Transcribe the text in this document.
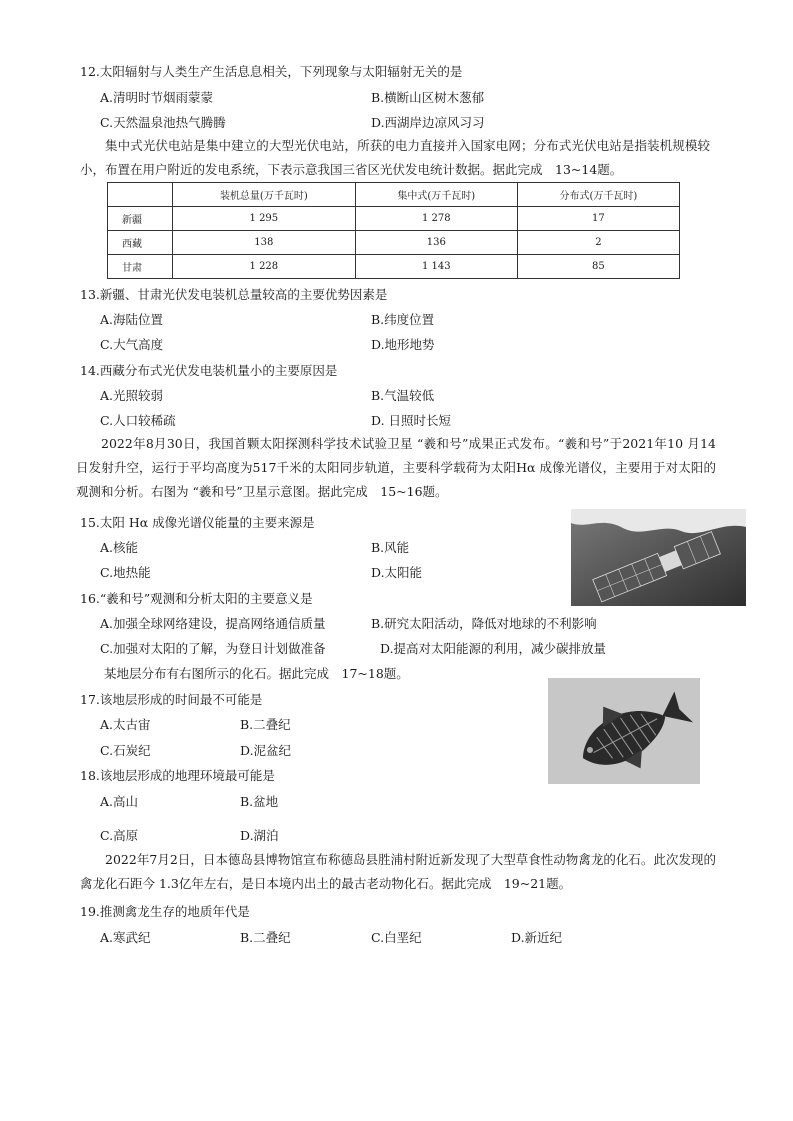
12.太阳辐射与人类生产生活息息相关，下列现象与太阳辐射无关的是
A.清明时节烟雨蒙蒙	B.横断山区树木葱郁
C.天然温泉池热气腾腾	D.西湖岸边凉风习习
集中式光伏电站是集中建立的大型光伏电站，所获的电力直接并入国家电网；分布式光伏电站是指装机规模较小，布置在用户附近的发电系统，下表示意我国三省区光伏发电统计数据。据此完成　13~14题。
	装机总量(万千瓦时)	集中式(万千瓦时)	分布式(万千瓦时)
新疆	1 295	1 278	17
西藏	138	136	2
甘肃	1 228	1 143	85
13.新疆、甘肃光伏发电装机总量较高的主要优势因素是
A.海陆位置	B.纬度位置
C.大气高度	D.地形地势
14.西藏分布式光伏发电装机量小的主要原因是
A.光照较弱	B.气温较低
C.人口较稀疏	D. 日照时长短
2022年8月30日，我国首颗太阳探测科学技术试验卫星 “羲和号”成果正式发布。“羲和号”于2021年10 月14日发射升空，运行于平均高度为517千米的太阳同步轨道，主要科学载荷为太阳Hα 成像光谱仪，主要用于对太阳的观测和分析。右图为 “羲和号”卫星示意图。据此完成　15~16题。
15.太阳 Hα 成像光谱仪能量的主要来源是
A.核能	B.风能
C.地热能	D.太阳能
16.“羲和号”观测和分析太阳的主要意义是
A.加强全球网络建设，提高网络通信质量	B.研究太阳活动，降低对地球的不利影响
C.加强对太阳的了解，为登日计划做准备	D.提高对太阳能源的利用，减少碳排放量
某地层分布有右图所示的化石。据此完成　17~18题。
17.该地层形成的时间最不可能是
A.太古宙	B.二叠纪
C.石炭纪	D.泥盆纪
18.该地层形成的地理环境最可能是
A.高山	B.盆地
C.高原	D.湖泊
2022年7月2日，日本德岛县博物馆宣布称德岛县胜浦村附近新发现了大型草食性动物禽龙的化石。此次发现的禽龙化石距今 1.3亿年左右，是日本境内出土的最古老动物化石。据此完成　19~21题。
19.推测禽龙生存的地质年代是
A.寒武纪	B.二叠纪	C.白垩纪	D.新近纪
